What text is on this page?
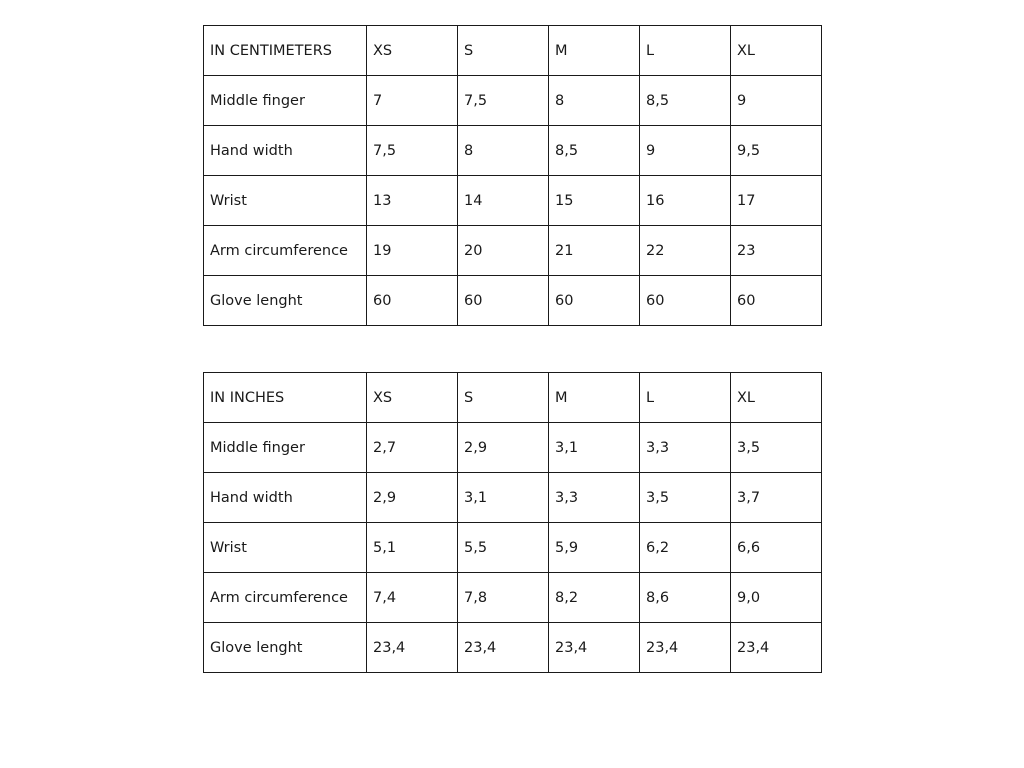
IN CENTIMETERS	XS	S	M	L	XL
Middle finger	7	7,5	8	8,5	9
Hand width	7,5	8	8,5	9	9,5
Wrist	13	14	15	16	17
Arm circumference	19	20	21	22	23
Glove lenght	60	60	60	60	60
IN INCHES	XS	S	M	L	XL
Middle finger	2,7	2,9	3,1	3,3	3,5
Hand width	2,9	3,1	3,3	3,5	3,7
Wrist	5,1	5,5	5,9	6,2	6,6
Arm circumference	7,4	7,8	8,2	8,6	9,0
Glove lenght	23,4	23,4	23,4	23,4	23,4
